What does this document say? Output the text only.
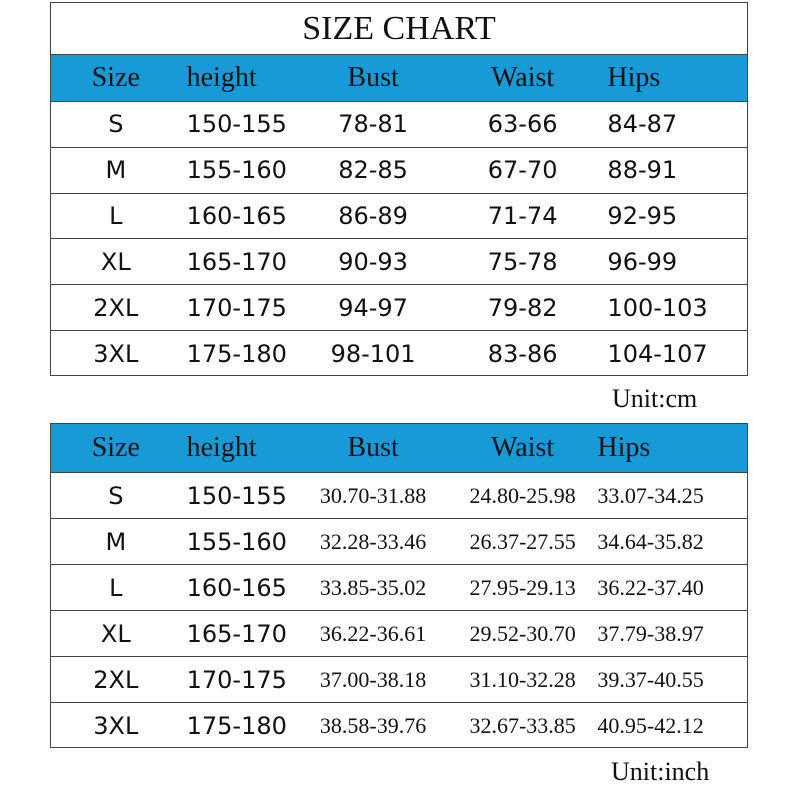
SIZE CHART
Size	height	Bust	Waist	Hips
S	150-155	78-81	63-66	84-87
M	155-160	82-85	67-70	88-91
L	160-165	86-89	71-74	92-95
XL	165-170	90-93	75-78	96-99
2XL	170-175	94-97	79-82	100-103
3XL	175-180	98-101	83-86	104-107
Unit:cm
Size	height	Bust	Waist	Hips
S	150-155	30.70-31.88	24.80-25.98 33.07-34.25
M	155-160	32.28-33.46	26.37-27.55 34.64-35.82
L	160-165	33.85-35.02	27.95-29.13 36.22-37.40
XL	165-170	36.22-36.61	29.52-30.70 37.79-38.97
2XL	170-175	37.00-38.18	31.10-32.28 39.37-40.55
3XL	175-180	38.58-39.76	32.67-33.85 40.95-42.12
Unit:inch
